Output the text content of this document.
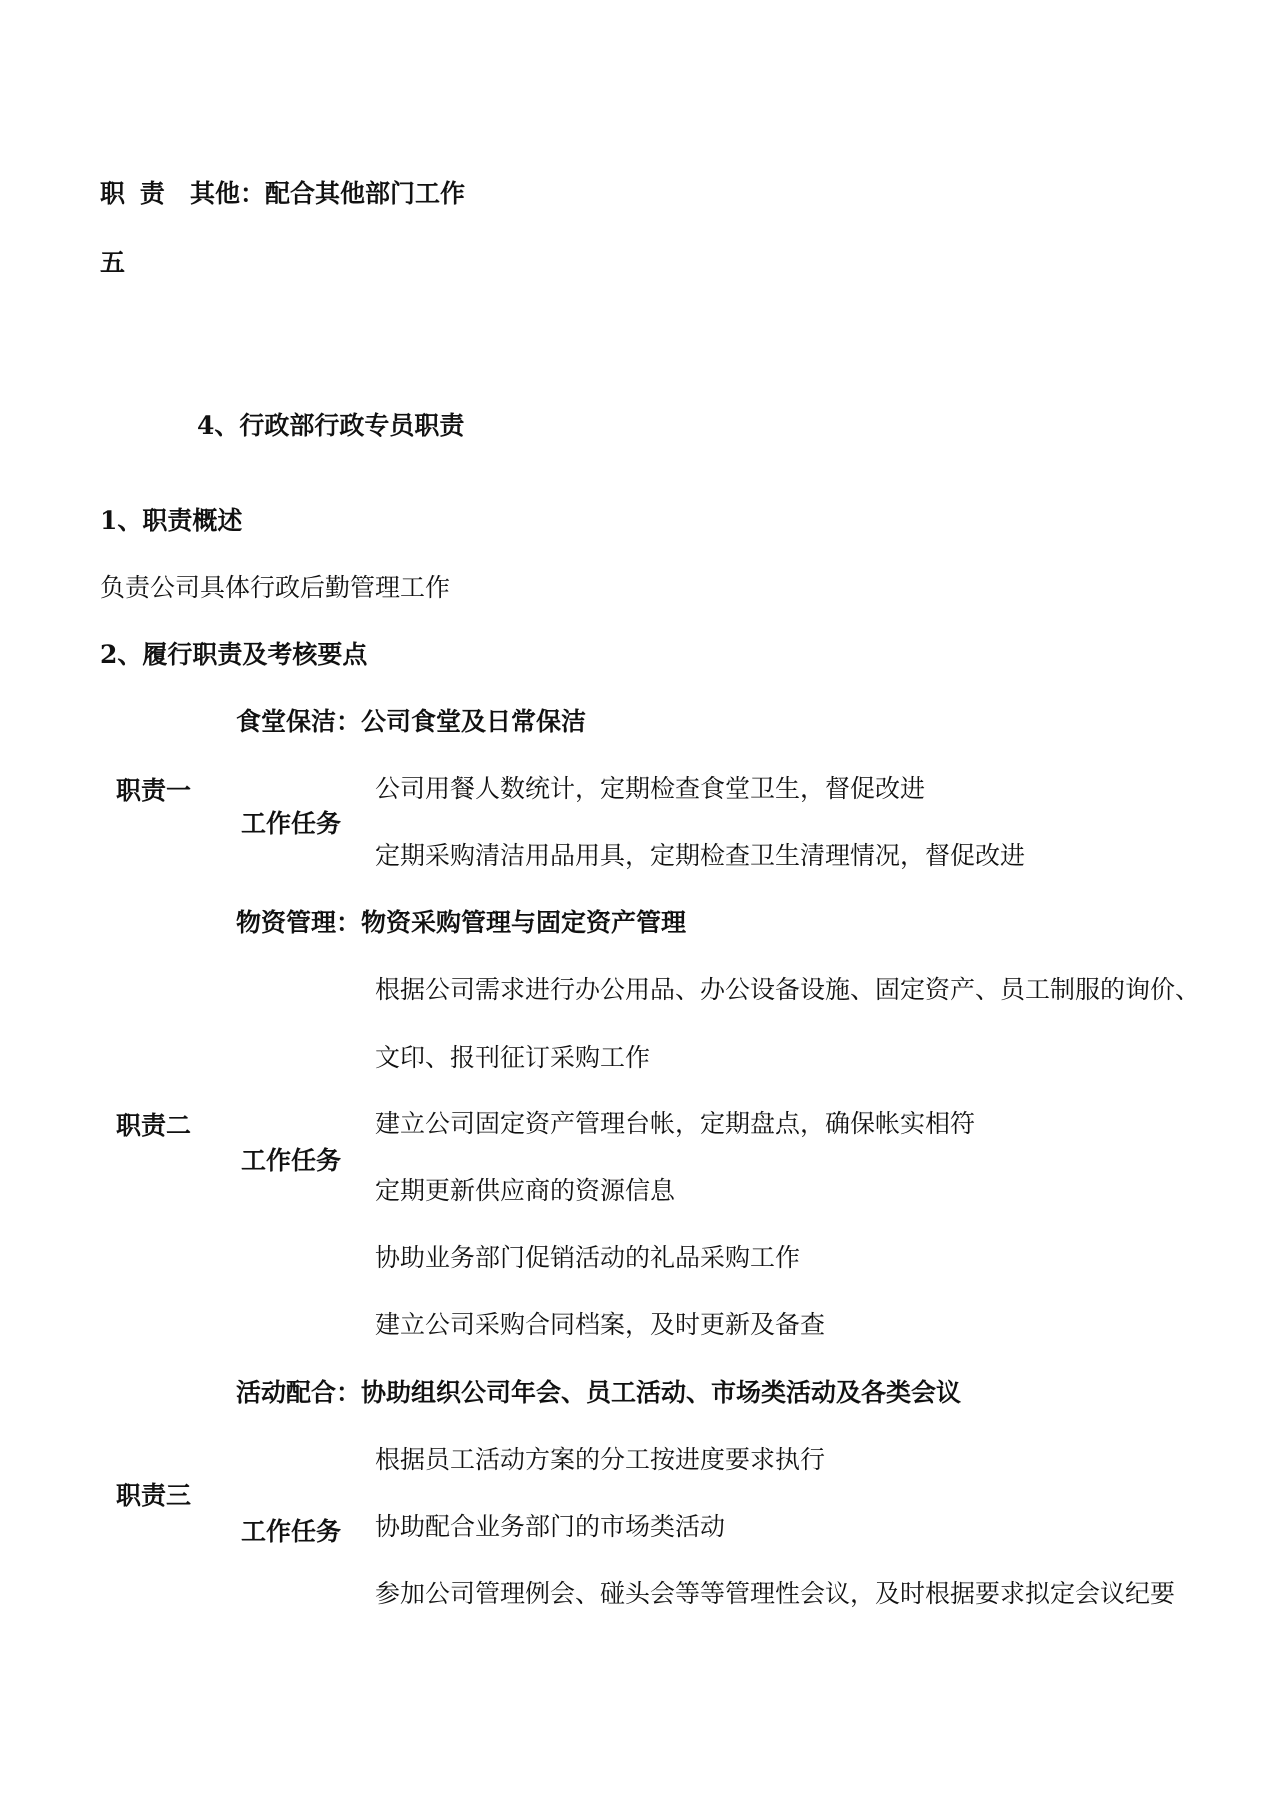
职 责 其他：配合其他部门工作
五
4、行政部行政专员职责
1、职责概述
负责公司具体行政后勤管理工作
2、履行职责及考核要点
食堂保洁：公司食堂及日常保洁
职责一
工作任务
公司用餐人数统计，定期检查食堂卫生，督促改进
定期采购清洁用品用具，定期检查卫生清理情况，督促改进
物资管理：物资采购管理与固定资产管理
职责二
工作任务
根据公司需求进行办公用品、办公设备设施、固定资产、员工制服的询价、
文印、报刊征订采购工作
建立公司固定资产管理台帐，定期盘点，确保帐实相符
定期更新供应商的资源信息
协助业务部门促销活动的礼品采购工作
建立公司采购合同档案，及时更新及备查
活动配合：协助组织公司年会、员工活动、市场类活动及各类会议
职责三
工作任务
根据员工活动方案的分工按进度要求执行
协助配合业务部门的市场类活动
参加公司管理例会、碰头会等等管理性会议，及时根据要求拟定会议纪要
